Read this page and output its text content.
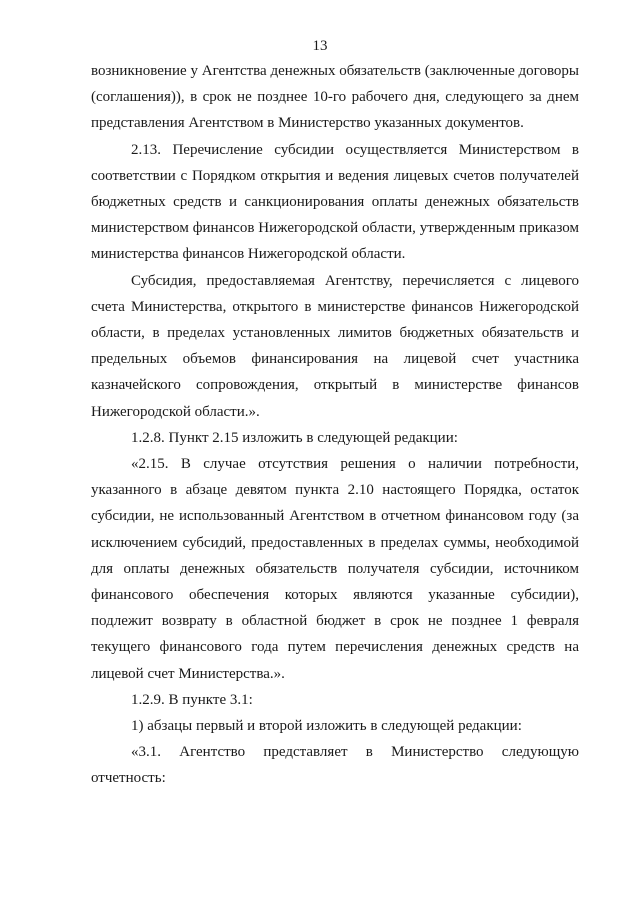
13

возникновение у Агентства денежных обязательств (заключенные договоры (соглашения)), в срок не позднее 10-го рабочего дня, следующего за днем представления Агентством в Министерство указанных документов.

2.13. Перечисление субсидии осуществляется Министерством в соответствии с Порядком открытия и ведения лицевых счетов получателей бюджетных средств и санкционирования оплаты денежных обязательств министерством финансов Нижегородской области, утвержденным приказом министерства финансов Нижегородской области.

Субсидия, предоставляемая Агентству, перечисляется с лицевого счета Министерства, открытого в министерстве финансов Нижегородской области, в пределах установленных лимитов бюджетных обязательств и предельных объемов финансирования на лицевой счет участника казначейского сопровождения, открытый в министерстве финансов Нижегородской области.».

1.2.8. Пункт 2.15 изложить в следующей редакции:

«2.15. В случае отсутствия решения о наличии потребности, указанного в абзаце девятом пункта 2.10 настоящего Порядка, остаток субсидии, не использованный Агентством в отчетном финансовом году (за исключением субсидий, предоставленных в пределах суммы, необходимой для оплаты денежных обязательств получателя субсидии, источником финансового обеспечения которых являются указанные субсидии), подлежит возврату в областной бюджет в срок не позднее 1 февраля текущего финансового года путем перечисления денежных средств на лицевой счет Министерства.».

1.2.9. В пункте 3.1:

1) абзацы первый и второй изложить в следующей редакции:

«3.1. Агентство представляет в Министерство следующую отчетность:
